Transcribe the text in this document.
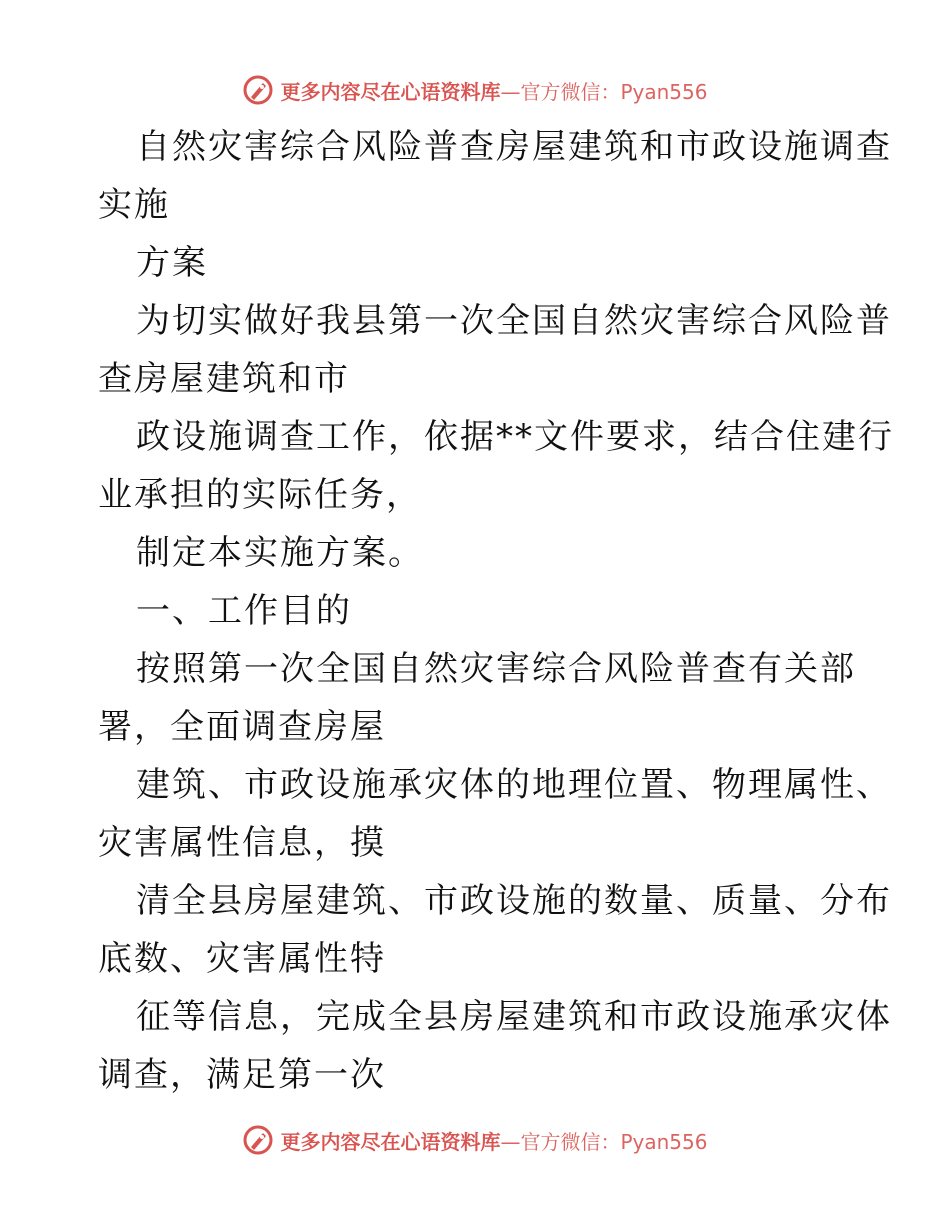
更多内容尽在心语资料库—官方微信：Pyan556
自然灾害综合风险普查房屋建筑和市政设施调查
实施
方案
为切实做好我县第一次全国自然灾害综合风险普
查房屋建筑和市
政设施调查工作，依据**文件要求，结合住建行
业承担的实际任务，
制定本实施方案。
一、工作目的
按照第一次全国自然灾害综合风险普查有关部
署，全面调查房屋
建筑、市政设施承灾体的地理位置、物理属性、
灾害属性信息，摸
清全县房屋建筑、市政设施的数量、质量、分布
底数、灾害属性特
征等信息，完成全县房屋建筑和市政设施承灾体
调查，满足第一次
更多内容尽在心语资料库—官方微信：Pyan556
